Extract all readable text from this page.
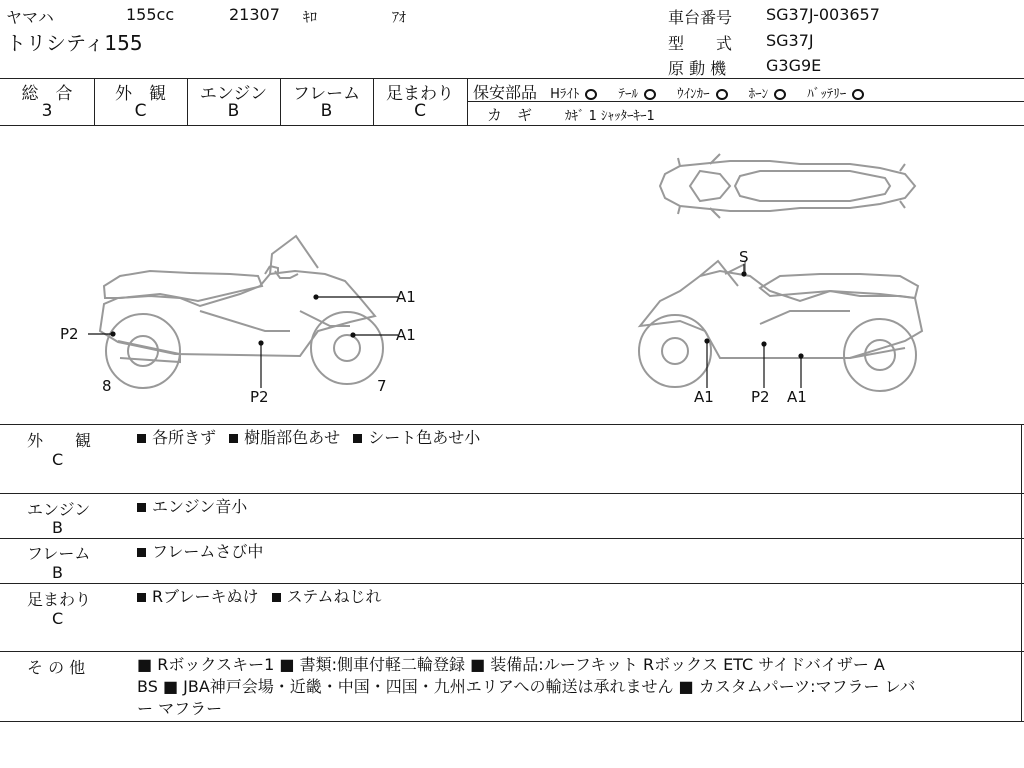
ヤマハ	155cc	21307 ｷﾛ	ｱｵ
トリシティ155
車台番号 SG37J-003657
型　　式 SG37J
原 動 機 G3G9E
総　合
3
外　観
C
エンジン
B
フレーム
B
足まわり
C
保安部品 Hﾗｲﾄ	ﾃｰﾙ	ｳｲﾝｶｰ	ﾎｰﾝ	ﾊﾞｯﾃﾘｰ
カ　ギ	ｶｷﾞ 1 ｼｬｯﾀｰｷｰ1
A1
A1
P2
P2
8	7
S
A1 P2 A1
外　　観
C
各所きず 樹脂部色あせ シート色あせ小
エンジン
B
エンジン音小
フレーム
B
フレームさび中
足まわり
C
Rブレーキぬけ ステムねじれ
そ の 他	■ Rボックスキー1 ■ 書類:側車付軽二輪登録 ■ 装備品:ルーフキット Rボックス ETC サイドバイザー A
BS ■ JBA神戸会場・近畿・中国・四国・九州エリアへの輸送は承れません ■ カスタムパーツ:マフラー レバ
ー マフラー
